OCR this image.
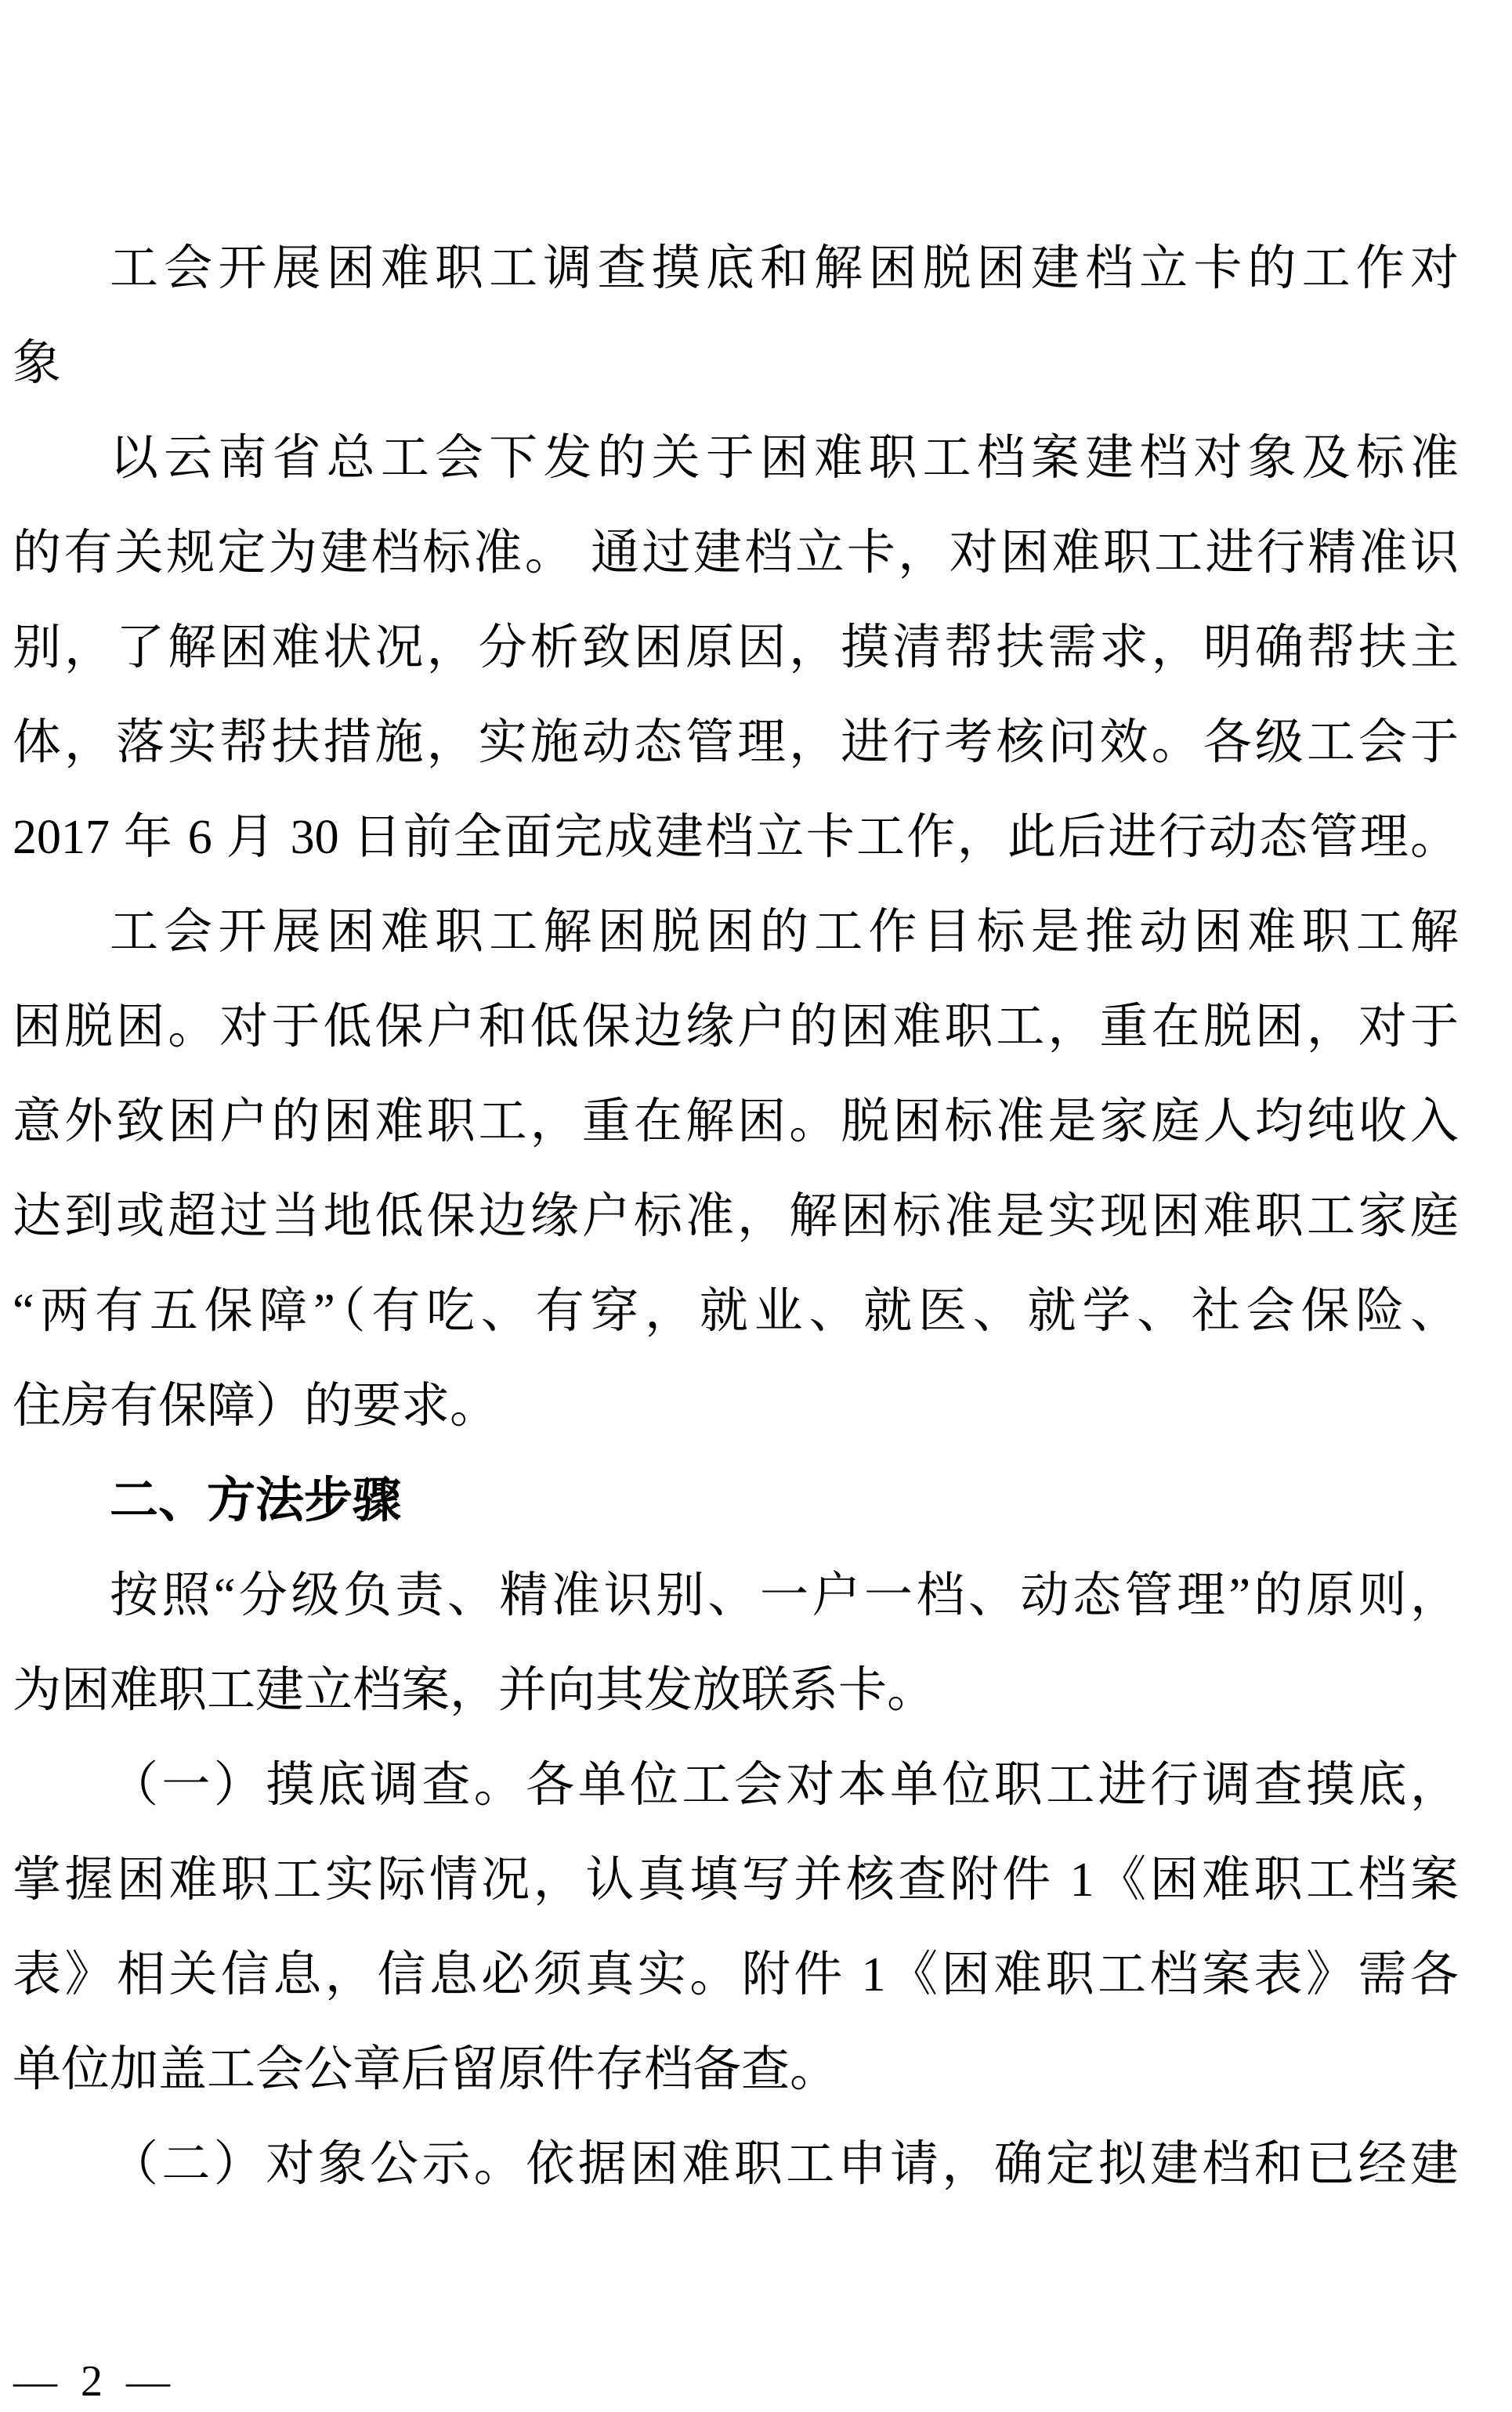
工会开展困难职工调查摸底和解困脱困建档立卡的工作对
象
以云南省总工会下发的关于困难职工档案建档对象及标准
的有关规定为建档标准。 通过建档立卡，对困难职工进行精准识
别，了解困难状况，分析致困原因，摸清帮扶需求，明确帮扶主
体，落实帮扶措施，实施动态管理，进行考核问效。各级工会于
2017 年 6 月 30 日前全面完成建档立卡工作，此后进行动态管理。
工会开展困难职工解困脱困的工作目标是推动困难职工解
困脱困。对于低保户和低保边缘户的困难职工，重在脱困，对于
意外致困户的困难职工，重在解困。脱困标准是家庭人均纯收入
达到或超过当地低保边缘户标准，解困标准是实现困难职工家庭
“两有五保障”（有吃、有穿，就业、就医、就学、社会保险、
住房有保障）的要求。
二、方法步骤
按照“分级负责、精准识别、一户一档、动态管理”的原则，
为困难职工建立档案，并向其发放联系卡。
（一）摸底调查。各单位工会对本单位职工进行调查摸底，
掌握困难职工实际情况，认真填写并核查附件 1《困难职工档案
表》相关信息，信息必须真实。附件 1《困难职工档案表》需各
单位加盖工会公章后留原件存档备查。
（二）对象公示。依据困难职工申请，确定拟建档和已经建
— 2 —
